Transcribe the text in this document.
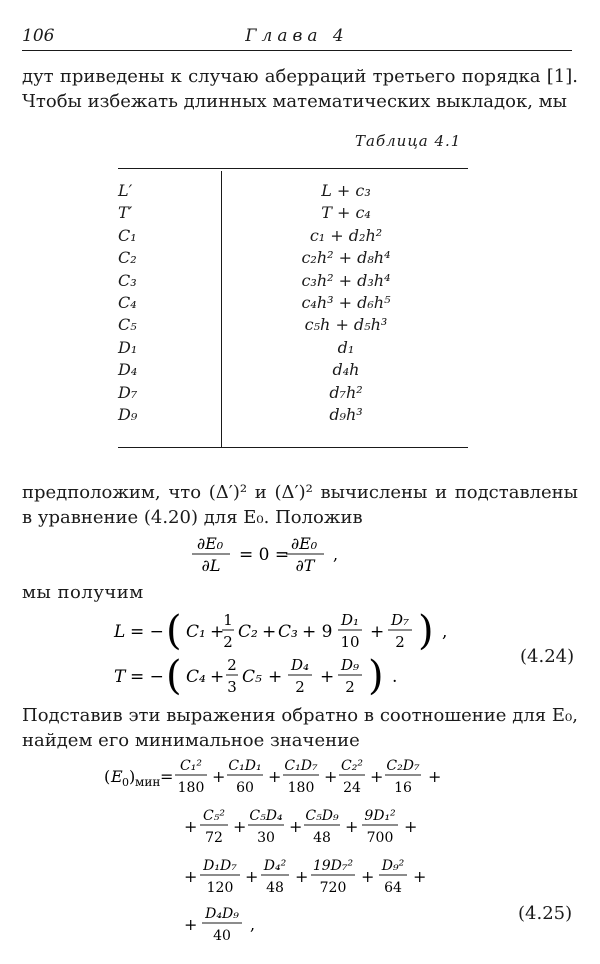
106	Глава 4
дут приведены к случаю аберраций третьего порядка [1]. Чтобы избежать длинных математических выкладок, мы
Таблица 4.1
L′
T′
C₁
C₂
C₃
C₄
C₅
D₁
D₄
D₇
D₉
L + c₃
T + c₄
c₁ + d₂h²
c₂h² + d₈h⁴
c₃h² + d₃h⁴
c₄h³ + d₆h⁵
c₅h + d₅h³
d₁
d₄h
d₇h²
d₉h³
предположим, что (Δ′)² и (Δ′)² вычислены и подставлены в уравнение (4.20) для E₀. Положив
∂E₀
∂L
= 0 =
∂E₀
∂T
,
мы получим
L = − ( C₁ +
1
2 C₂ + C₃ + 9
D₁
10 +
D₇
2 ) ,
T = − ( C₄ +
2
3 C₅ +
D₄
2 +
D₉
2 ) .
(4.24)
Подставив эти выражения обратно в соотношение для E₀, найдем его минимальное значение
( E 0 ) мин =
C₁²
180
+
C₁D₁
60
+
C₁D₇
180
+
C₂²
24
+
C₂D₇
16
+
+
C₅²
72
+
C₅D₄
30
+
C₅D₉
48
+
9D₁²
700
+
+
D₁D₇
120
+
D₄²
48
+
19D₇²
720
+
D₉²
64
+
+
D₄D₉
40
,
(4.25)
